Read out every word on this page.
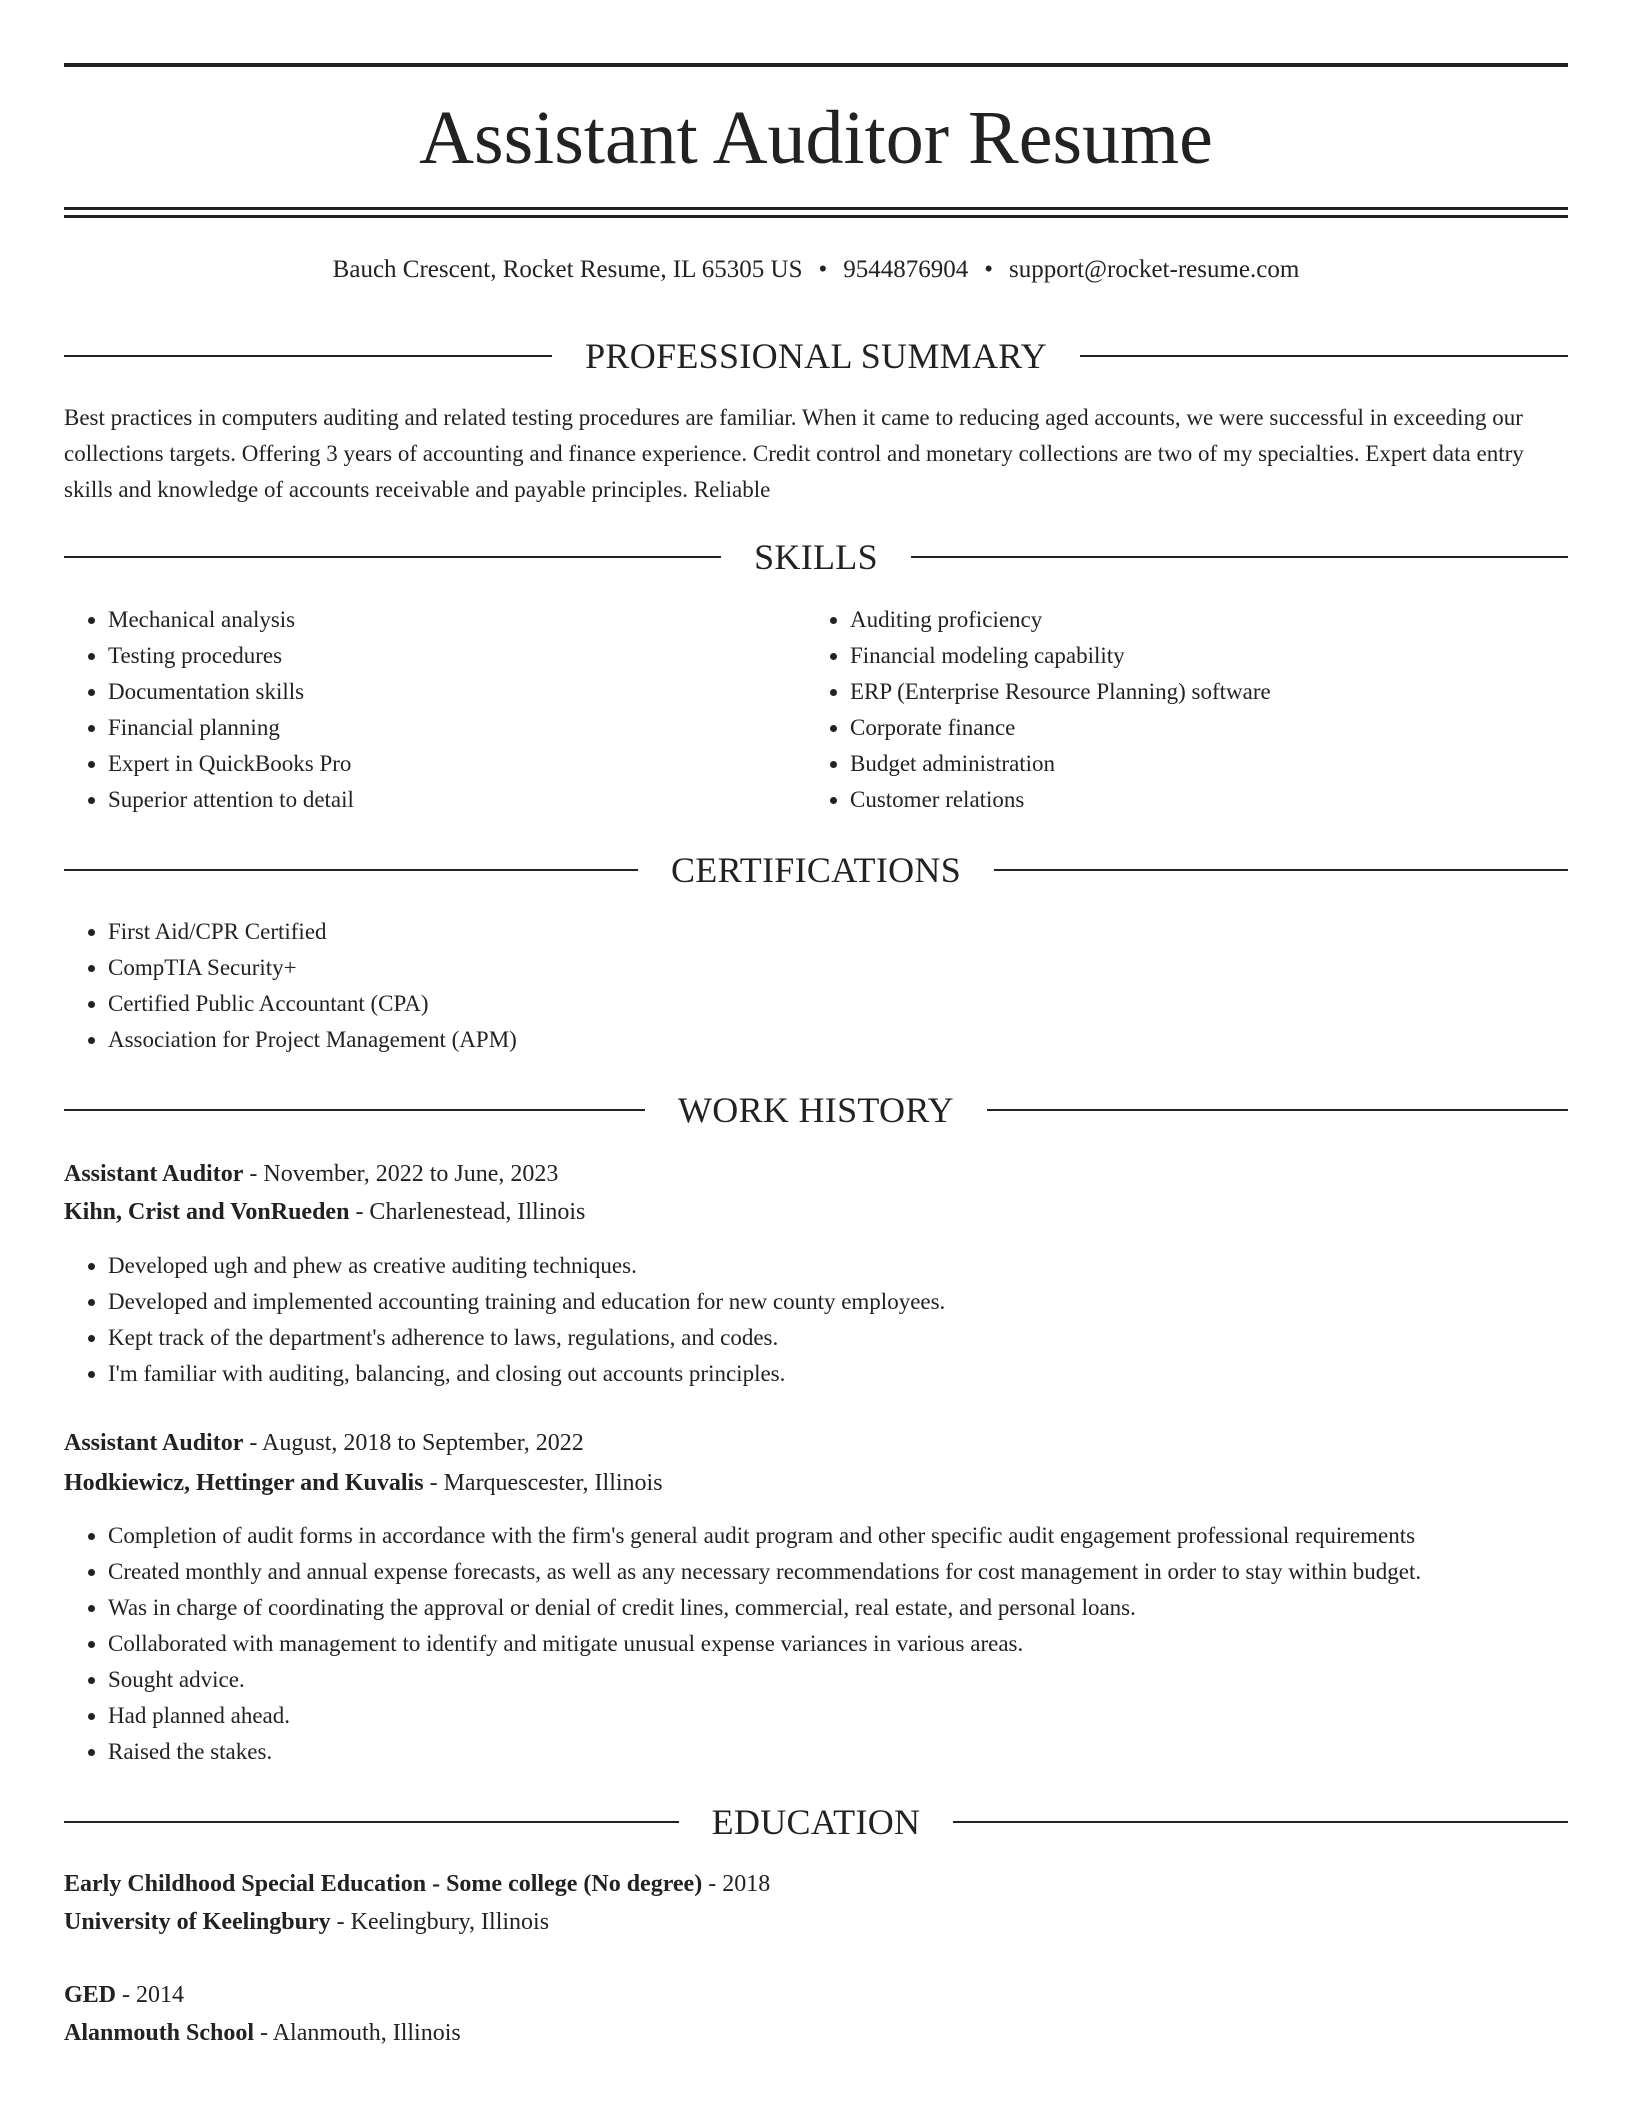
Assistant Auditor Resume
Bauch Crescent, Rocket Resume, IL 65305 US • 9544876904 • support@rocket-resume.com
PROFESSIONAL SUMMARY

Best practices in computers auditing and related testing procedures are familiar. When it came to reducing aged accounts, we were successful in exceeding our collections targets. Offering 3 years of accounting and finance experience. Credit control and monetary collections are two of my specialties. Expert data entry skills and knowledge of accounts receivable and payable principles. Reliable

SKILLS
• Mechanical analysis
• Testing procedures
• Documentation skills
• Financial planning
• Expert in QuickBooks Pro
• Superior attention to detail
• Auditing proficiency
• Financial modeling capability
• ERP (Enterprise Resource Planning) software
• Corporate finance
• Budget administration
• Customer relations
CERTIFICATIONS
• First Aid/CPR Certified
• CompTIA Security+
• Certified Public Accountant (CPA)
• Association for Project Management (APM)
WORK HISTORY
Assistant Auditor - November, 2022 to June, 2023
Kihn, Crist and VonRueden - Charlenestead, Illinois
• Developed ugh and phew as creative auditing techniques.
• Developed and implemented accounting training and education for new county employees.
• Kept track of the department's adherence to laws, regulations, and codes.
• I'm familiar with auditing, balancing, and closing out accounts principles.
Assistant Auditor - August, 2018 to September, 2022
Hodkiewicz, Hettinger and Kuvalis - Marquescester, Illinois
• Completion of audit forms in accordance with the firm's general audit program and other specific audit engagement professional requirements
• Created monthly and annual expense forecasts, as well as any necessary recommendations for cost management in order to stay within budget.
• Was in charge of coordinating the approval or denial of credit lines, commercial, real estate, and personal loans.
• Collaborated with management to identify and mitigate unusual expense variances in various areas.
• Sought advice.
• Had planned ahead.
• Raised the stakes.
EDUCATION
Early Childhood Special Education - Some college (No degree) - 2018
University of Keelingbury - Keelingbury, Illinois
GED - 2014
Alanmouth School - Alanmouth, Illinois
